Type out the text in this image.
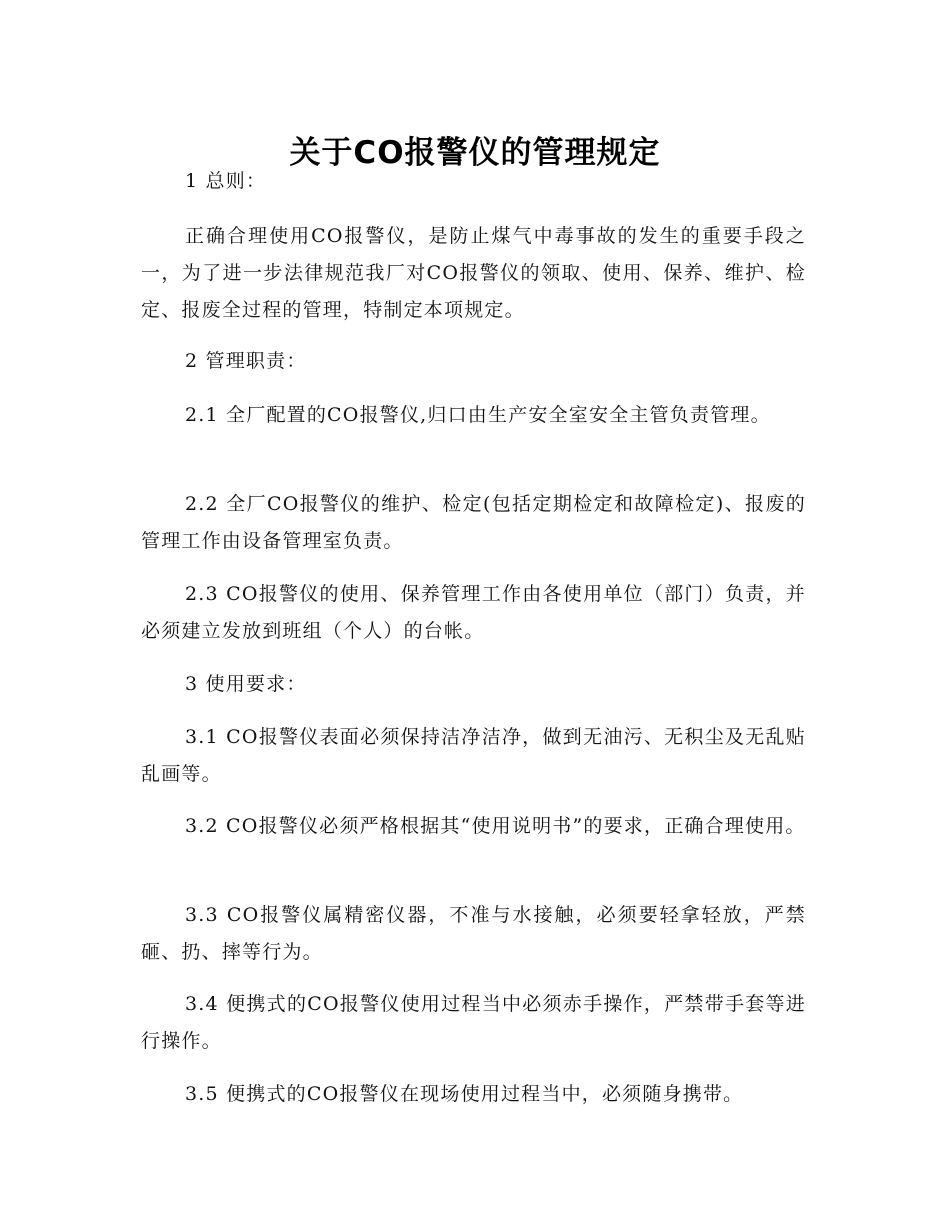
关于CO报警仪的管理规定

1 总则：

正确合理使用CO报警仪，是防止煤气中毒事故的发生的重要手段之一，为了进一步法律规范我厂对CO报警仪的领取、使用、保养、维护、检定、报废全过程的管理，特制定本项规定。

2 管理职责：

2.1 全厂配置的CO报警仪,归口由生产安全室安全主管负责管理。

2.2 全厂CO报警仪的维护、检定(包括定期检定和故障检定)、报废的管理工作由设备管理室负责。

2.3 CO报警仪的使用、保养管理工作由各使用单位（部门）负责，并必须建立发放到班组（个人）的台帐。

3 使用要求：

3.1 CO报警仪表面必须保持洁净洁净，做到无油污、无积尘及无乱贴乱画等。

3.2 CO报警仪必须严格根据其“使用说明书”的要求，正确合理使用。

3.3 CO报警仪属精密仪器，不准与水接触，必须要轻拿轻放，严禁砸、扔、摔等行为。

3.4 便携式的CO报警仪使用过程当中必须赤手操作，严禁带手套等进行操作。

3.5 便携式的CO报警仪在现场使用过程当中，必须随身携带。
